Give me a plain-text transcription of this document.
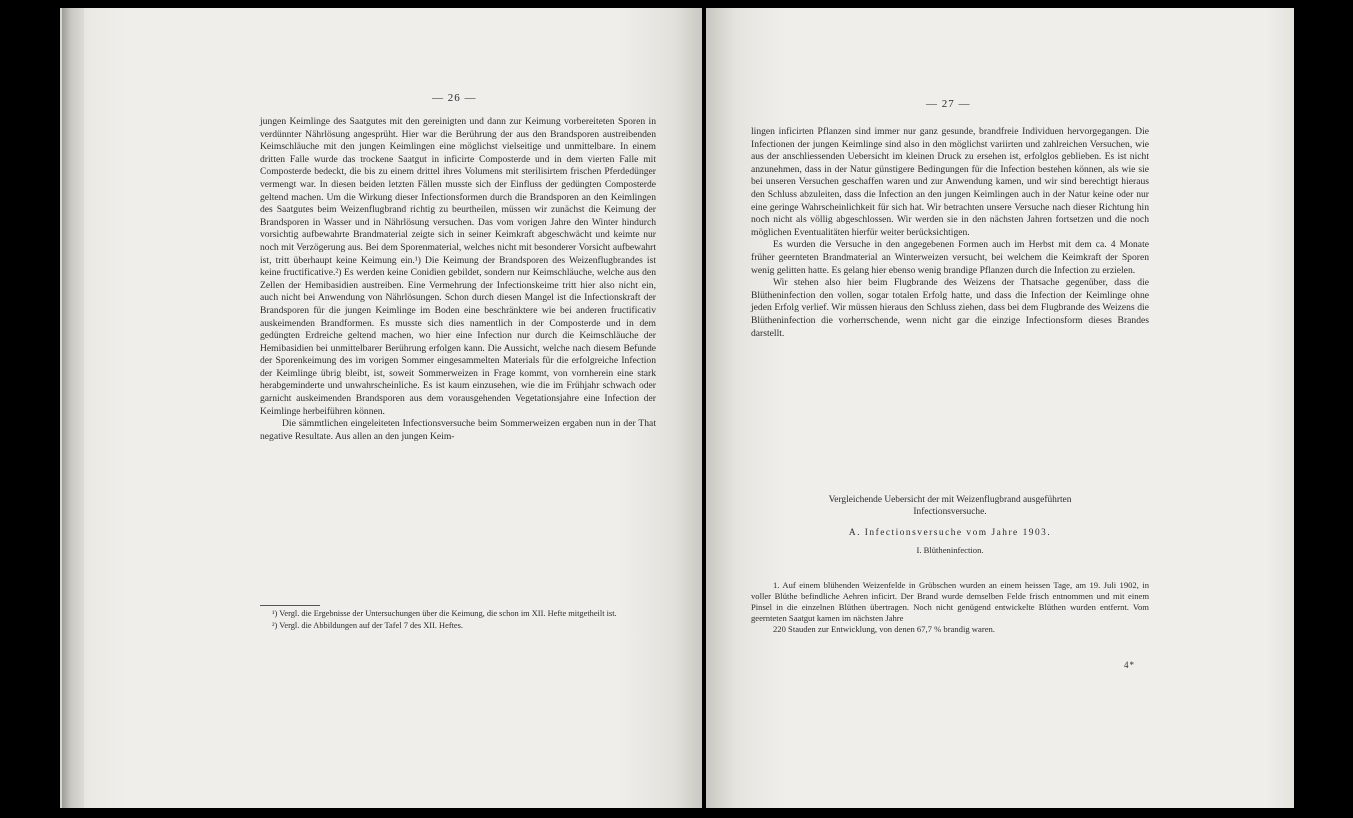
— 26 —

jungen Keimlinge des Saatgutes mit den gereinigten und dann zur Keimung vorbereiteten Sporen in verdünnter Nährlösung angesprüht. Hier war die Berührung der aus den Brandsporen austreibenden Keimschläuche mit den jungen Keimlingen eine möglichst vielseitige und unmittelbare. In einem dritten Falle wurde das trockene Saatgut in inficirte Composterde und in dem vierten Falle mit Composterde bedeckt, die bis zu einem drittel ihres Volumens mit sterilisirtem frischen Pferdedünger vermengt war. In diesen beiden letzten Fällen musste sich der Einfluss der gedüngten Composterde geltend machen. Um die Wirkung dieser Infectionsformen durch die Brandsporen an den Keimlingen des Saatgutes beim Weizenflugbrand richtig zu beurtheilen, müssen wir zunächst die Keimung der Brandsporen in Wasser und in Nährlösung versuchen. Das vom vorigen Jahre den Winter hindurch vorsichtig aufbewahrte Brandmaterial zeigte sich in seiner Keimkraft abgeschwächt und keimte nur noch mit Verzögerung aus. Bei dem Sporenmaterial, welches nicht mit besonderer Vorsicht aufbewahrt ist, tritt überhaupt keine Keimung ein.¹) Die Keimung der Brandsporen des Weizenflugbrandes ist keine fructificative.²) Es werden keine Conidien gebildet, sondern nur Keimschläuche, welche aus den Zellen der Hemibasidien austreiben. Eine Vermehrung der Infectionskeime tritt hier also nicht ein, auch nicht bei Anwendung von Nährlösungen. Schon durch diesen Mangel ist die Infectionskraft der Brandsporen für die jungen Keimlinge im Boden eine beschränktere wie bei anderen fructificativ auskeimenden Brandformen. Es musste sich dies namentlich in der Composterde und in dem gedüngten Erdreiche geltend machen, wo hier eine Infection nur durch die Keimschläuche der Hemibasidien bei unmittelbarer Berührung erfolgen kann. Die Aussicht, welche nach diesem Befunde der Sporenkeimung des im vorigen Sommer eingesammelten Materials für die erfolgreiche Infection der Keimlinge übrig bleibt, ist, soweit Sommerweizen in Frage kommt, von vornherein eine stark herabgeminderte und unwahrscheinliche. Es ist kaum einzusehen, wie die im Frühjahr schwach oder garnicht auskeimenden Brandsporen aus dem vorausgehenden Vegetationsjahre eine Infection der Keimlinge herbeiführen können.

Die sämmtlichen eingeleiteten Infectionsversuche beim Sommerweizen ergaben nun in der That negative Resultate. Aus allen an den jungen Keim-

¹) Vergl. die Ergebnisse der Untersuchungen über die Keimung, die schon im XII. Hefte mitgetheilt ist.

²) Vergl. die Abbildungen auf der Tafel 7 des XII. Heftes.

— 27 —

lingen inficirten Pflanzen sind immer nur ganz gesunde, brandfreie Individuen hervorgegangen. Die Infectionen der jungen Keimlinge sind also in den möglichst variirten und zahlreichen Versuchen, wie aus der anschliessenden Uebersicht im kleinen Druck zu ersehen ist, erfolglos geblieben. Es ist nicht anzunehmen, dass in der Natur günstigere Bedingungen für die Infection bestehen können, als wie sie bei unseren Versuchen geschaffen waren und zur Anwendung kamen, und wir sind berechtigt hieraus den Schluss abzuleiten, dass die Infection an den jungen Keimlingen auch in der Natur keine oder nur eine geringe Wahrscheinlichkeit für sich hat. Wir betrachten unsere Versuche nach dieser Richtung hin noch nicht als völlig abgeschlossen. Wir werden sie in den nächsten Jahren fortsetzen und die noch möglichen Eventualitäten hierfür weiter berücksichtigen.

Es wurden die Versuche in den angegebenen Formen auch im Herbst mit dem ca. 4 Monate früher geernteten Brandmaterial an Winterweizen versucht, bei welchem die Keimkraft der Sporen wenig gelitten hatte. Es gelang hier ebenso wenig brandige Pflanzen durch die Infection zu erzielen.

Wir stehen also hier beim Flugbrande des Weizens der Thatsache gegenüber, dass die Blütheninfection den vollen, sogar totalen Erfolg hatte, und dass die Infection der Keimlinge ohne jeden Erfolg verlief. Wir müssen hieraus den Schluss ziehen, dass bei dem Flugbrande des Weizens die Blütheninfection die vorherrschende, wenn nicht gar die einzige Infectionsform dieses Brandes darstellt.

Vergleichende Uebersicht der mit Weizenflugbrand ausgeführten

Infectionsversuche.

A. Infectionsversuche vom Jahre 1903.

I. Blütheninfection.

1. Auf einem blühenden Weizenfelde in Grübschen wurden an einem heissen Tage, am 19. Juli 1902, in voller Blüthe befindliche Aehren inficirt. Der Brand wurde demselben Felde frisch entnommen und mit einem Pinsel in die einzelnen Blüthen übertragen. Noch nicht genügend entwickelte Blüthen wurden entfernt. Vom geernteten Saatgut kamen im nächsten Jahre

220 Stauden zur Entwicklung, von denen 67,7 % brandig waren.

4*
